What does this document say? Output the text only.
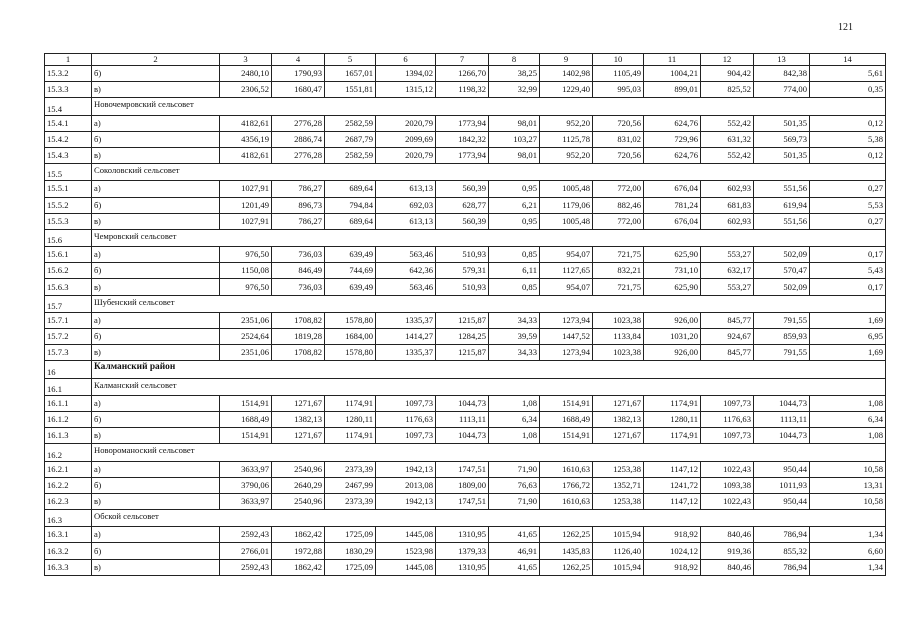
121
1	2	3	4	5	6	7	8	9	10	11	12	13	14
15.3.2	б)	2480,10	1790,93	1657,01	1394,02	1266,70	38,25	1402,98	1105,49	1004,21	904,42	842,38	5,61
15.3.3	в)	2306,52	1680,47	1551,81	1315,12	1198,32	32,99	1229,40	995,03	899,01	825,52	774,00	0,35
15.4	Новочемровский сельсовет												
15.4.1	а)	4182,61	2776,28	2582,59	2020,79	1773,94	98,01	952,20	720,56	624,76	552,42	501,35	0,12
15.4.2	б)	4356,19	2886,74	2687,79	2099,69	1842,32	103,27	1125,78	831,02	729,96	631,32	569,73	5,38
15.4.3	в)	4182,61	2776,28	2582,59	2020,79	1773,94	98,01	952,20	720,56	624,76	552,42	501,35	0,12
15.5	Соколовский сельсовет												
15.5.1	а)	1027,91	786,27	689,64	613,13	560,39	0,95	1005,48	772,00	676,04	602,93	551,56	0,27
15.5.2	б)	1201,49	896,73	794,84	692,03	628,77	6,21	1179,06	882,46	781,24	681,83	619,94	5,53
15.5.3	в)	1027,91	786,27	689,64	613,13	560,39	0,95	1005,48	772,00	676,04	602,93	551,56	0,27
15.6	Чемровский сельсовет												
15.6.1	а)	976,50	736,03	639,49	563,46	510,93	0,85	954,07	721,75	625,90	553,27	502,09	0,17
15.6.2	б)	1150,08	846,49	744,69	642,36	579,31	6,11	1127,65	832,21	731,10	632,17	570,47	5,43
15.6.3	в)	976,50	736,03	639,49	563,46	510,93	0,85	954,07	721,75	625,90	553,27	502,09	0,17
15.7	Шубенский сельсовет												
15.7.1	а)	2351,06	1708,82	1578,80	1335,37	1215,87	34,33	1273,94	1023,38	926,00	845,77	791,55	1,69
15.7.2	б)	2524,64	1819,28	1684,00	1414,27	1284,25	39,59	1447,52	1133,84	1031,20	924,67	859,93	6,95
15.7.3	в)	2351,06	1708,82	1578,80	1335,37	1215,87	34,33	1273,94	1023,38	926,00	845,77	791,55	1,69
16	Калманский район												
16.1	Калманский сельсовет												
16.1.1	а)	1514,91	1271,67	1174,91	1097,73	1044,73	1,08	1514,91	1271,67	1174,91	1097,73	1044,73	1,08
16.1.2	б)	1688,49	1382,13	1280,11	1176,63	1113,11	6,34	1688,49	1382,13	1280,11	1176,63	1113,11	6,34
16.1.3	в)	1514,91	1271,67	1174,91	1097,73	1044,73	1,08	1514,91	1271,67	1174,91	1097,73	1044,73	1,08
16.2	Новороманоский сельсовет												
16.2.1	а)	3633,97	2540,96	2373,39	1942,13	1747,51	71,90	1610,63	1253,38	1147,12	1022,43	950,44	10,58
16.2.2	б)	3790,06	2640,29	2467,99	2013,08	1809,00	76,63	1766,72	1352,71	1241,72	1093,38	1011,93	13,31
16.2.3	в)	3633,97	2540,96	2373,39	1942,13	1747,51	71,90	1610,63	1253,38	1147,12	1022,43	950,44	10,58
16.3	Обской сельсовет												
16.3.1	а)	2592,43	1862,42	1725,09	1445,08	1310,95	41,65	1262,25	1015,94	918,92	840,46	786,94	1,34
16.3.2	б)	2766,01	1972,88	1830,29	1523,98	1379,33	46,91	1435,83	1126,40	1024,12	919,36	855,32	6,60
16.3.3	в)	2592,43	1862,42	1725,09	1445,08	1310,95	41,65	1262,25	1015,94	918,92	840,46	786,94	1,34
